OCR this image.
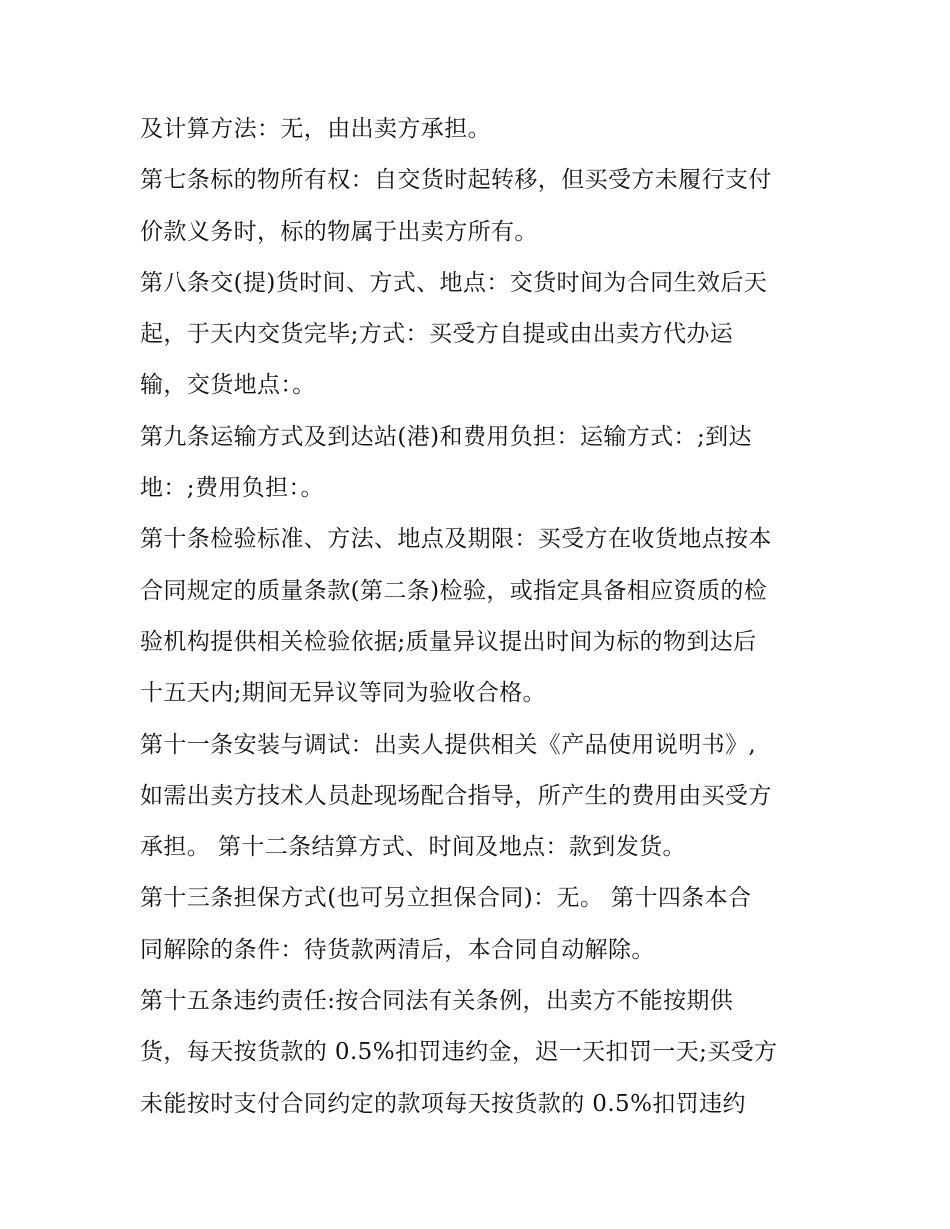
及计算方法：无，由出卖方承担。
第七条标的物所有权：自交货时起转移，但买受方未履行支付
价款义务时，标的物属于出卖方所有。
第八条交(提)货时间、方式、地点：交货时间为合同生效后天
起，于天内交货完毕;方式：买受方自提或由出卖方代办运
输，交货地点：。
第九条运输方式及到达站(港)和费用负担：运输方式：;到达
地：;费用负担：。
第十条检验标准、方法、地点及期限：买受方在收货地点按本
合同规定的质量条款(第二条)检验，或指定具备相应资质的检
验机构提供相关检验依据;质量异议提出时间为标的物到达后
十五天内;期间无异议等同为验收合格。
第十一条安装与调试：出卖人提供相关《产品使用说明书》,
如需出卖方技术人员赴现场配合指导，所产生的费用由买受方
承担。 第十二条结算方式、时间及地点：款到发货。
第十三条担保方式(也可另立担保合同)：无。 第十四条本合
同解除的条件：待货款两清后，本合同自动解除。
第十五条违约责任:按合同法有关条例，出卖方不能按期供
货，每天按货款的 0.5%扣罚违约金，迟一天扣罚一天;买受方
未能按时支付合同约定的款项每天按货款的 0.5%扣罚违约
